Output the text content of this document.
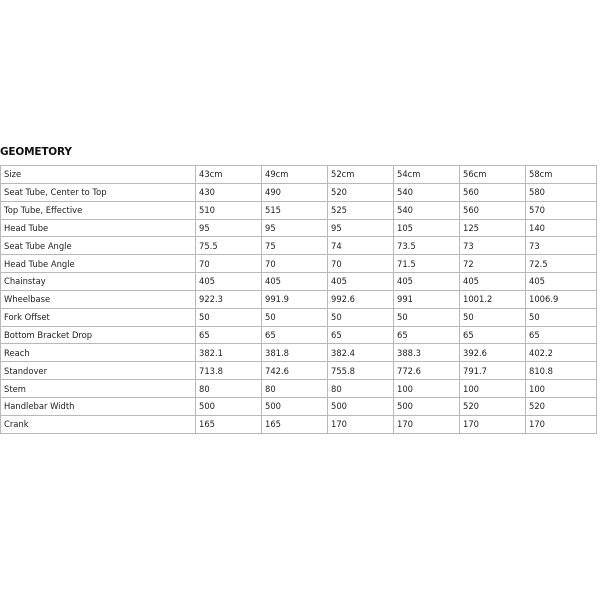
GEOMETORY
Size	43cm	49cm	52cm	54cm	56cm	58cm
Seat Tube, Center to Top	430	490	520	540	560	580
Top Tube, Effective	510	515	525	540	560	570
Head Tube	95	95	95	105	125	140
Seat Tube Angle	75.5	75	74	73.5	73	73
Head Tube Angle	70	70	70	71.5	72	72.5
Chainstay	405	405	405	405	405	405
Wheelbase	922.3	991.9	992.6	991	1001.2	1006.9
Fork Offset	50	50	50	50	50	50
Bottom Bracket Drop	65	65	65	65	65	65
Reach	382.1	381.8	382.4	388.3	392.6	402.2
Standover	713.8	742.6	755.8	772.6	791.7	810.8
Stem	80	80	80	100	100	100
Handlebar Width	500	500	500	500	520	520
Crank	165	165	170	170	170	170
